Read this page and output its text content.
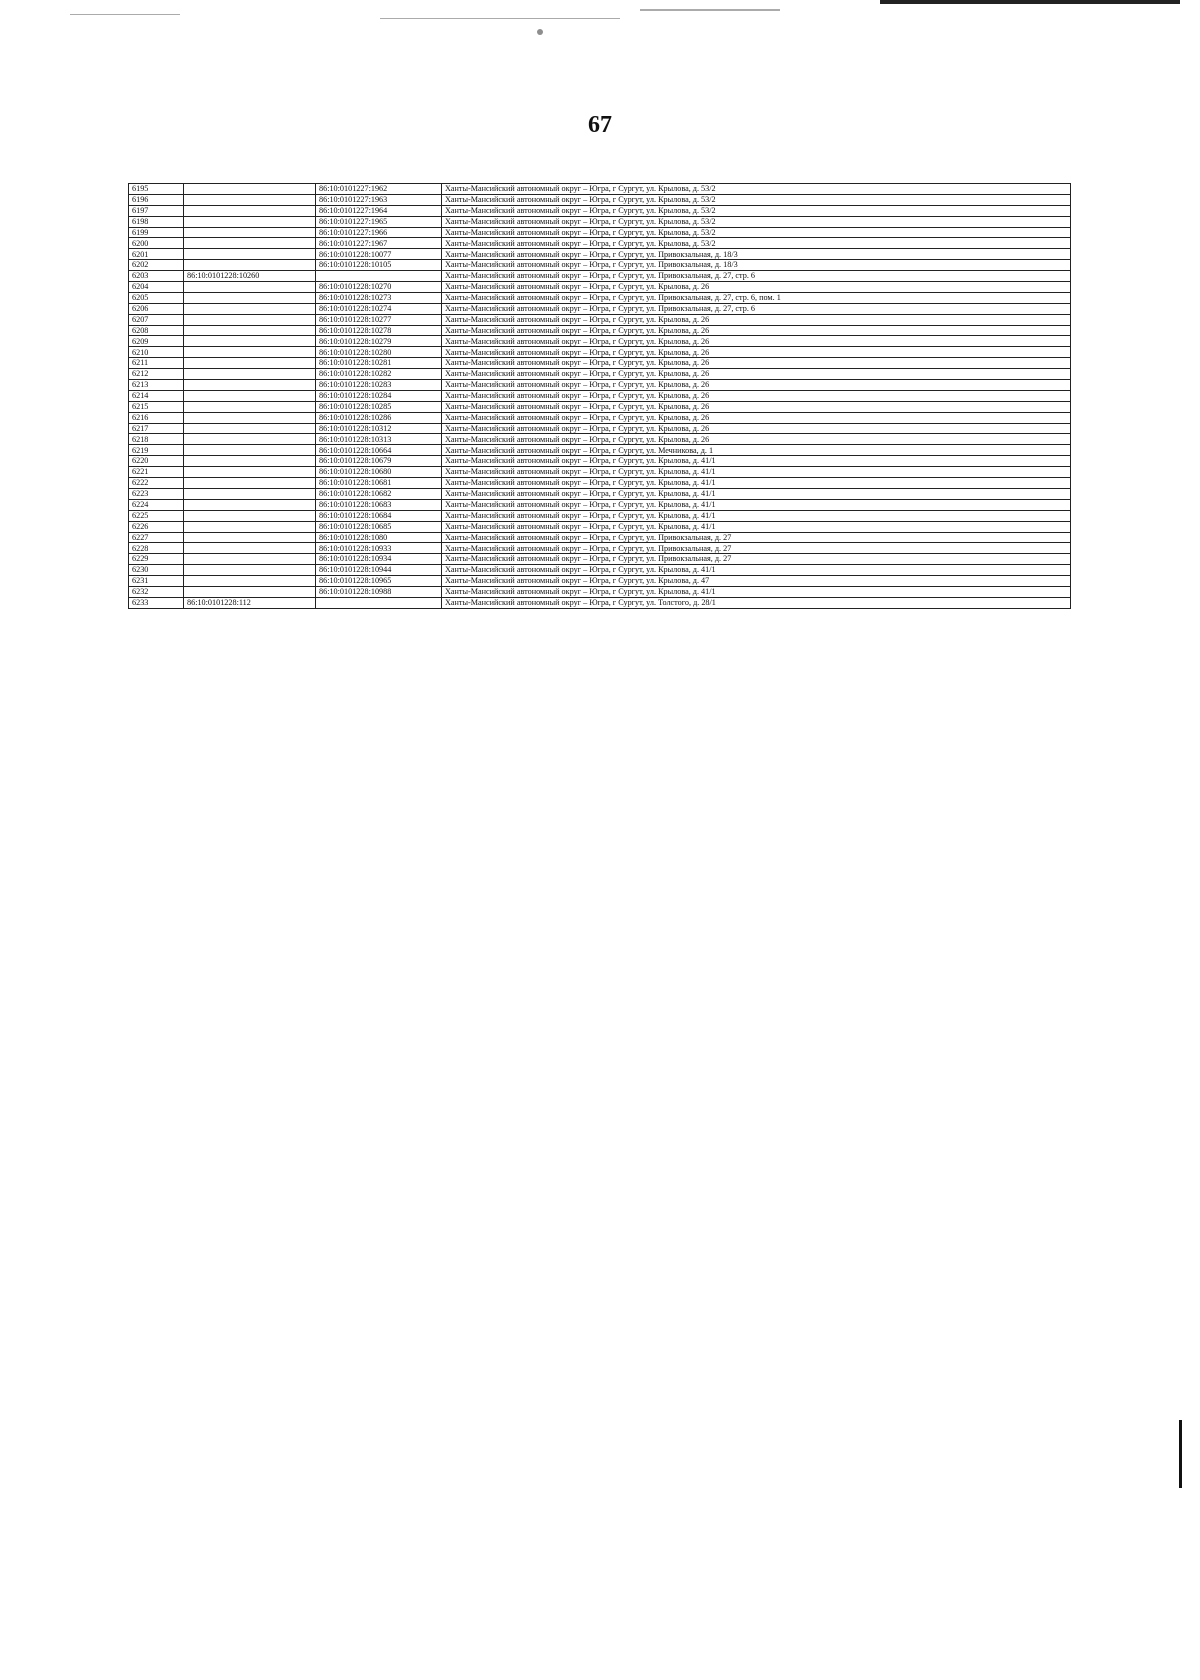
67
6195		86:10:0101227:1962	Ханты-Мансийский автономный округ – Югра, г Сургут, ул. Крылова, д. 53/2
6196		86:10:0101227:1963	Ханты-Мансийский автономный округ – Югра, г Сургут, ул. Крылова, д. 53/2
6197		86:10:0101227:1964	Ханты-Мансийский автономный округ – Югра, г Сургут, ул. Крылова, д. 53/2
6198		86:10:0101227:1965	Ханты-Мансийский автономный округ – Югра, г Сургут, ул. Крылова, д. 53/2
6199		86:10:0101227:1966	Ханты-Мансийский автономный округ – Югра, г Сургут, ул. Крылова, д. 53/2
6200		86:10:0101227:1967	Ханты-Мансийский автономный округ – Югра, г Сургут, ул. Крылова, д. 53/2
6201		86:10:0101228:10077	Ханты-Мансийский автономный округ – Югра, г Сургут, ул. Привокзальная, д. 18/3
6202		86:10:0101228:10105	Ханты-Мансийский автономный округ – Югра, г Сургут, ул. Привокзальная, д. 18/3
6203	86:10:0101228:10260		Ханты-Мансийский автономный округ – Югра, г Сургут, ул. Привокзальная, д. 27, стр. 6
6204		86:10:0101228:10270	Ханты-Мансийский автономный округ – Югра, г Сургут, ул. Крылова, д. 26
6205		86:10:0101228:10273	Ханты-Мансийский автономный округ – Югра, г Сургут, ул. Привокзальная, д. 27, стр. 6, пом. 1
6206		86:10:0101228:10274	Ханты-Мансийский автономный округ – Югра, г Сургут, ул. Привокзальная, д. 27, стр. 6
6207		86:10:0101228:10277	Ханты-Мансийский автономный округ – Югра, г Сургут, ул. Крылова, д. 26
6208		86:10:0101228:10278	Ханты-Мансийский автономный округ – Югра, г Сургут, ул. Крылова, д. 26
6209		86:10:0101228:10279	Ханты-Мансийский автономный округ – Югра, г Сургут, ул. Крылова, д. 26
6210		86:10:0101228:10280	Ханты-Мансийский автономный округ – Югра, г Сургут, ул. Крылова, д. 26
6211		86:10:0101228:10281	Ханты-Мансийский автономный округ – Югра, г Сургут, ул. Крылова, д. 26
6212		86:10:0101228:10282	Ханты-Мансийский автономный округ – Югра, г Сургут, ул. Крылова, д. 26
6213		86:10:0101228:10283	Ханты-Мансийский автономный округ – Югра, г Сургут, ул. Крылова, д. 26
6214		86:10:0101228:10284	Ханты-Мансийский автономный округ – Югра, г Сургут, ул. Крылова, д. 26
6215		86:10:0101228:10285	Ханты-Мансийский автономный округ – Югра, г Сургут, ул. Крылова, д. 26
6216		86:10:0101228:10286	Ханты-Мансийский автономный округ – Югра, г Сургут, ул. Крылова, д. 26
6217		86:10:0101228:10312	Ханты-Мансийский автономный округ – Югра, г Сургут, ул. Крылова, д. 26
6218		86:10:0101228:10313	Ханты-Мансийский автономный округ – Югра, г Сургут, ул. Крылова, д. 26
6219		86:10:0101228:10664	Ханты-Мансийский автономный округ – Югра, г Сургут, ул. Мечникова, д. 1
6220		86:10:0101228:10679	Ханты-Мансийский автономный округ – Югра, г Сургут, ул. Крылова, д. 41/1
6221		86:10:0101228:10680	Ханты-Мансийский автономный округ – Югра, г Сургут, ул. Крылова, д. 41/1
6222		86:10:0101228:10681	Ханты-Мансийский автономный округ – Югра, г Сургут, ул. Крылова, д. 41/1
6223		86:10:0101228:10682	Ханты-Мансийский автономный округ – Югра, г Сургут, ул. Крылова, д. 41/1
6224		86:10:0101228:10683	Ханты-Мансийский автономный округ – Югра, г Сургут, ул. Крылова, д. 41/1
6225		86:10:0101228:10684	Ханты-Мансийский автономный округ – Югра, г Сургут, ул. Крылова, д. 41/1
6226		86:10:0101228:10685	Ханты-Мансийский автономный округ – Югра, г Сургут, ул. Крылова, д. 41/1
6227		86:10:0101228:1080	Ханты-Мансийский автономный округ – Югра, г Сургут, ул. Привокзальная, д. 27
6228		86:10:0101228:10933	Ханты-Мансийский автономный округ – Югра, г Сургут, ул. Привокзальная, д. 27
6229		86:10:0101228:10934	Ханты-Мансийский автономный округ – Югра, г Сургут, ул. Привокзальная, д. 27
6230		86:10:0101228:10944	Ханты-Мансийский автономный округ – Югра, г Сургут, ул. Крылова, д. 41/1
6231		86:10:0101228:10965	Ханты-Мансийский автономный округ – Югра, г Сургут, ул. Крылова, д. 47
6232		86:10:0101228:10988	Ханты-Мансийский автономный округ – Югра, г Сургут, ул. Крылова, д. 41/1
6233	86:10:0101228:112		Ханты-Мансийский автономный округ – Югра, г Сургут, ул. Толстого, д. 28/1
